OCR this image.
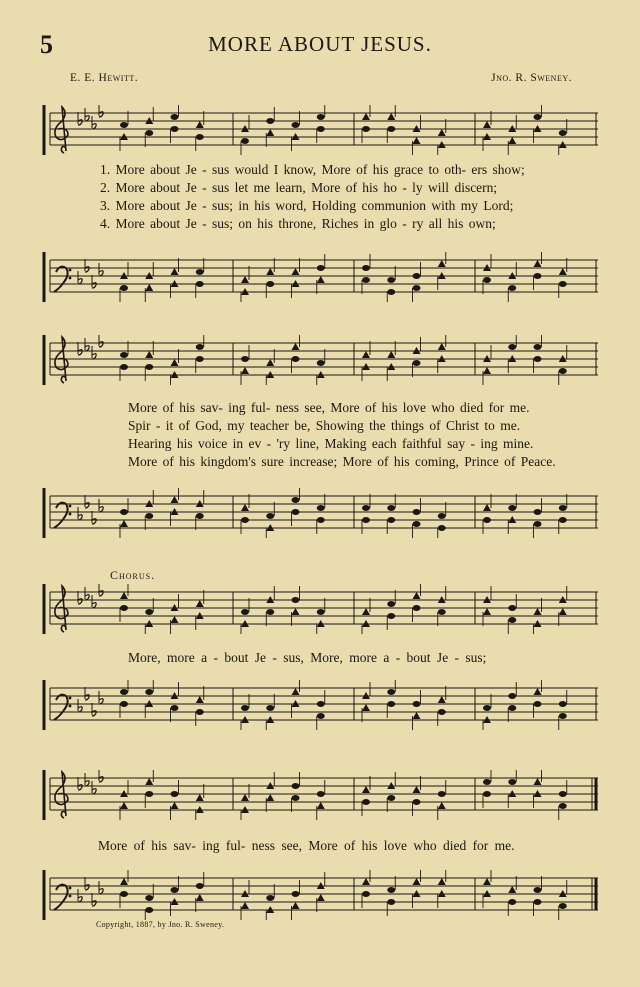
5	MORE ABOUT JESUS.
E. E. Hewitt.	Jno. R. Sweney.
1. More about Je - sus would I know, More of his grace to oth- ers show;
2. More about Je - sus let me learn, More of his ho - ly will discern;
3. More about Je - sus; in his word, Holding communion with my Lord;
4. More about Je - sus; on his throne, Riches in glo - ry all his own;
More of his sav- ing ful- ness see, More of his love who died for me.
Spir - it of God, my teacher be, Showing the things of Christ to me.
Hearing his voice in ev - 'ry line, Making each faithful say - ing mine.
More of his kingdom's sure increase; More of his coming, Prince of Peace.
Chorus.
More, more a - bout Je - sus, More, more a - bout Je - sus;
More of his sav- ing ful- ness see, More of his love who died for me.
Copyright, 1887, by Jno. R. Sweney.
